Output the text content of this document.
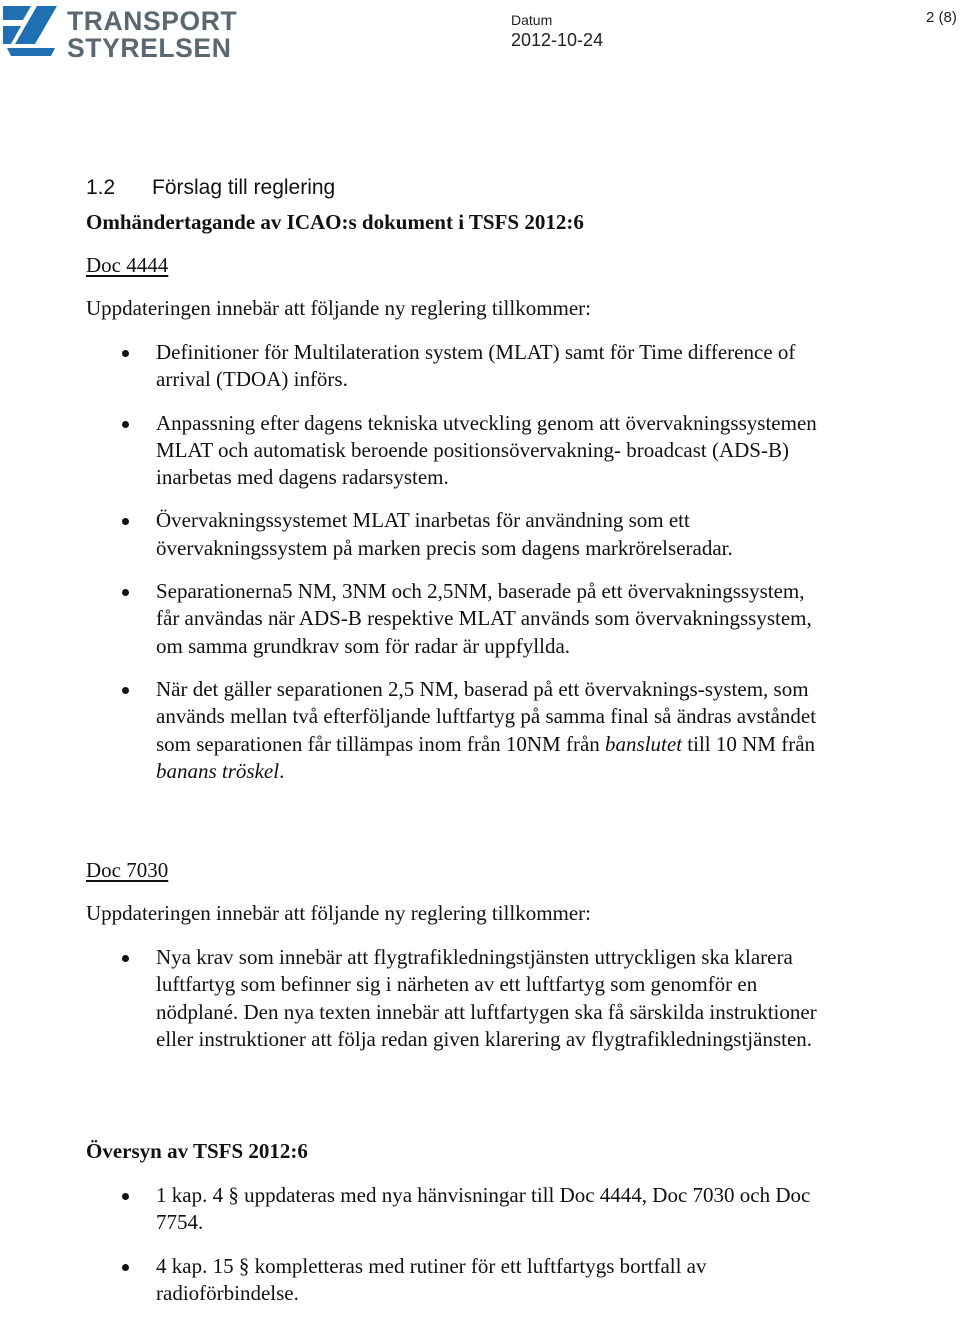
TRANSPORT
STYRELSEN
Datum
2012-10-24
2 (8)
1.2 Förslag till reglering
Omhändertagande av ICAO:s dokument i TSFS 2012:6
Doc 4444
Uppdateringen innebär att följande ny reglering tillkommer:
Definitioner för Multilateration system (MLAT) samt för Time difference of arrival (TDOA) införs.
Anpassning efter dagens tekniska utveckling genom att övervakningssystemen MLAT och automatisk beroende positionsövervakning- broadcast (ADS-B) inarbetas med dagens radarsystem.
Övervakningssystemet MLAT inarbetas för användning som ett övervakningssystem på marken precis som dagens markrörelseradar.
Separationerna5 NM, 3NM och 2,5NM, baserade på ett övervakningssystem, får användas när ADS-B respektive MLAT används som övervakningssystem, om samma grundkrav som för radar är uppfyllda.
När det gäller separationen 2,5 NM, baserad på ett övervaknings-system, som används mellan två efterföljande luftfartyg på samma final så ändras avståndet som separationen får tillämpas inom från 10NM från banslutet till 10 NM från banans tröskel.
Doc 7030
Uppdateringen innebär att följande ny reglering tillkommer:
Nya krav som innebär att flygtrafikledningstjänsten uttryckligen ska klarera luftfartyg som befinner sig i närheten av ett luftfartyg som genomför en nödplané. Den nya texten innebär att luftfartygen ska få särskilda instruktioner eller instruktioner att följa redan given klarering av flygtrafikledningstjänsten.
Översyn av TSFS 2012:6
1 kap. 4 § uppdateras med nya hänvisningar till Doc 4444, Doc 7030 och Doc 7754.
4 kap. 15 § kompletteras med rutiner för ett luftfartygs bortfall av radioförbindelse.
